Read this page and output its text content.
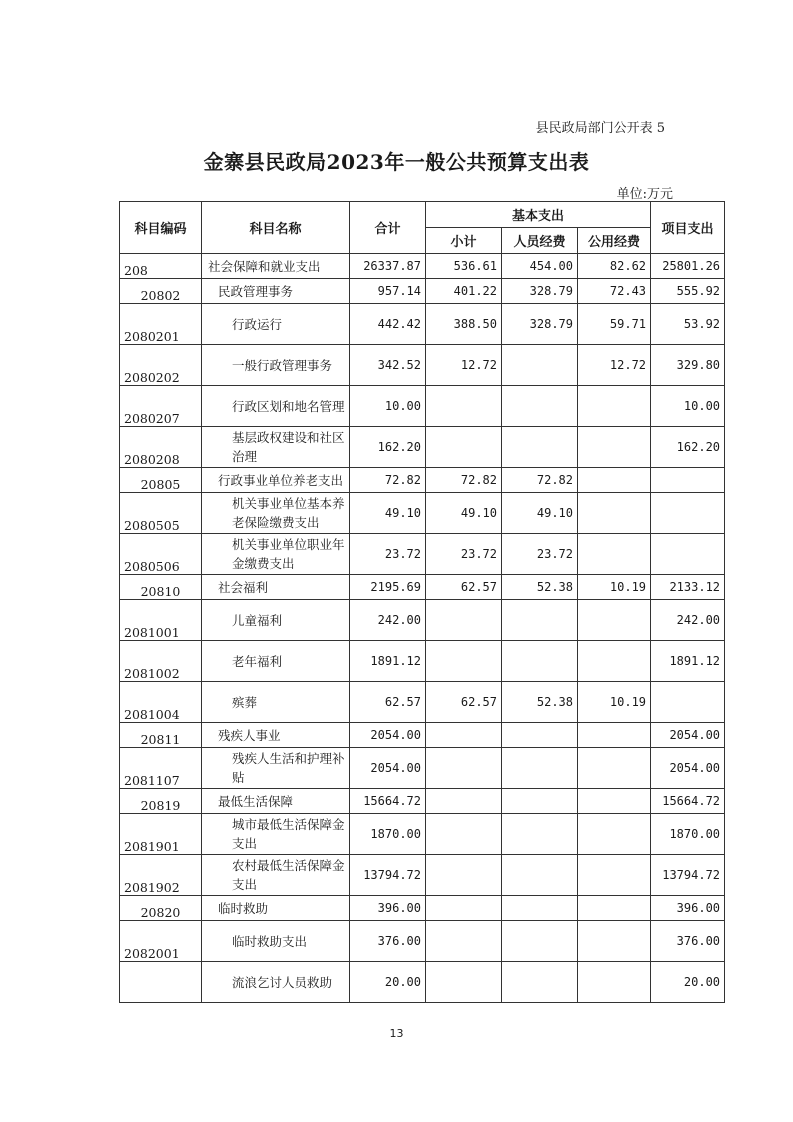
县民政局部门公开表 5
金寨县民政局2023年一般公共预算支出表
单位:万元
科目编码	科目名称	合计	基本支出			项目支出
			小计	人员经费	公用经费	
208	社会保障和就业支出	26337.87	536.61	454.00	82.62	25801.26
20802	民政管理事务	957.14	401.22	328.79	72.43	555.92
2080201	行政运行	442.42	388.50	328.79	59.71	53.92
2080202	一般行政管理事务	342.52	12.72		12.72	329.80
2080207	行政区划和地名管理	10.00				10.00
2080208	基层政权建设和社区治理	162.20				162.20
20805	行政事业单位养老支出	72.82	72.82	72.82		
2080505	机关事业单位基本养老保险缴费支出	49.10	49.10	49.10		
2080506	机关事业单位职业年金缴费支出	23.72	23.72	23.72		
20810	社会福利	2195.69	62.57	52.38	10.19	2133.12
2081001	儿童福利	242.00				242.00
2081002	老年福利	1891.12				1891.12
2081004	殡葬	62.57	62.57	52.38	10.19	
20811	残疾人事业	2054.00				2054.00
2081107	残疾人生活和护理补贴	2054.00				2054.00
20819	最低生活保障	15664.72				15664.72
2081901	城市最低生活保障金支出	1870.00				1870.00
2081902	农村最低生活保障金支出	13794.72				13794.72
20820	临时救助	396.00				396.00
2082001	临时救助支出	376.00				376.00
	流浪乞讨人员救助	20.00				20.00
13
